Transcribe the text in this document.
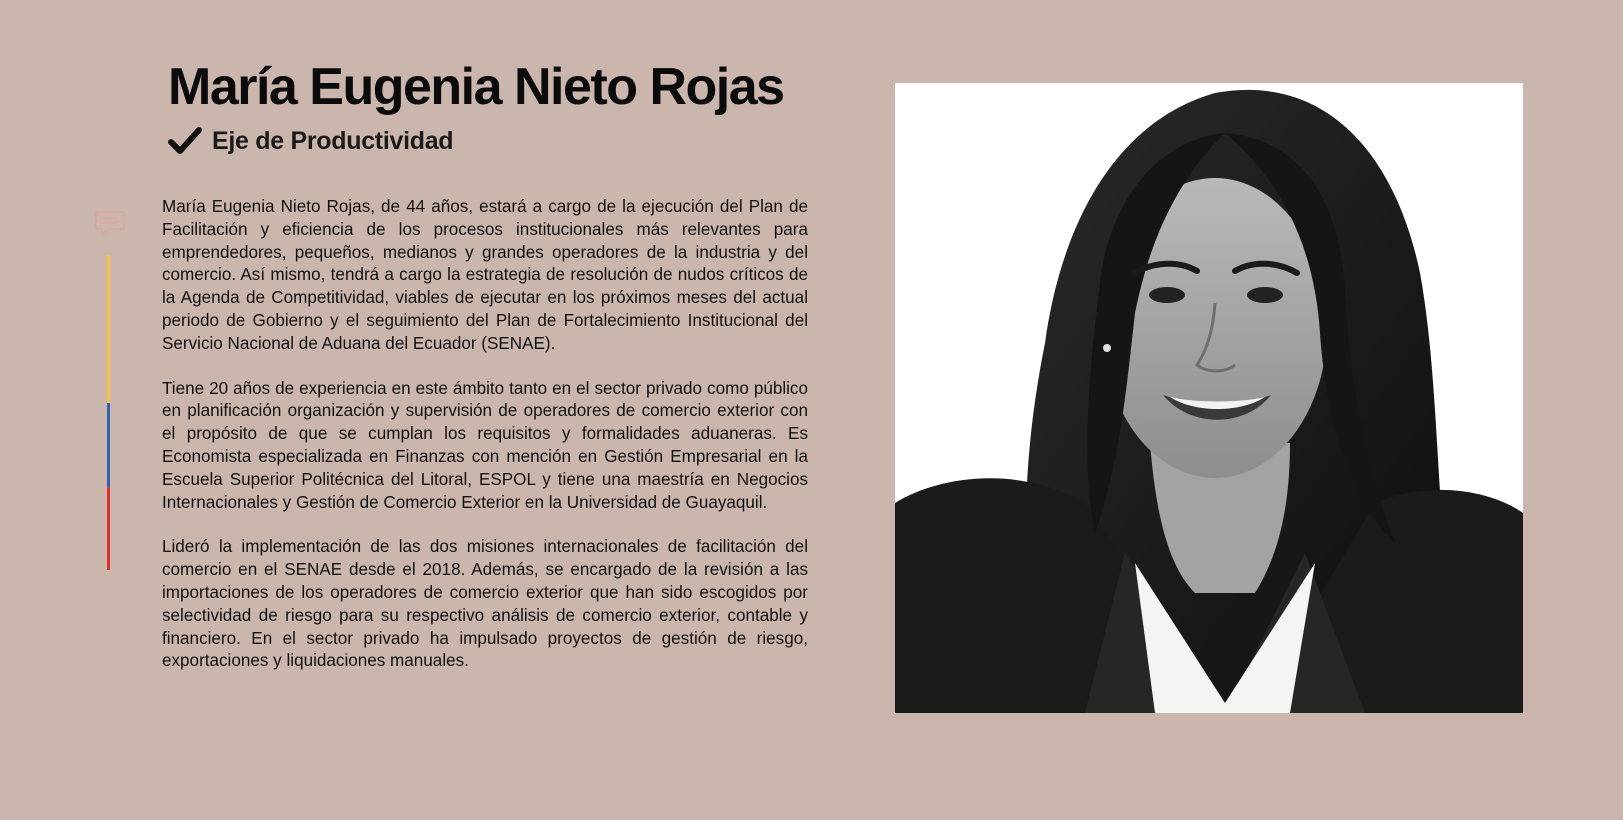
María Eugenia Nieto Rojas
Eje de Productividad

María Eugenia Nieto Rojas, de 44 años, estará a cargo de la ejecución del Plan de Facilitación y eficiencia de los procesos institucionales más relevantes para emprendedores, pequeños, medianos y grandes operadores de la industria y del comercio. Así mismo, tendrá a cargo la estrategia de resolución de nudos críticos de la Agenda de Competitividad, viables de ejecutar en los próximos meses del actual periodo de Gobierno y el seguimiento del Plan de Fortalecimiento Institucional del Servicio Nacional de Aduana del Ecuador (SENAE).

Tiene 20 años de experiencia en este ámbito tanto en el sector privado como público en planificación organización y supervisión de operadores de comercio exterior con el propósito de que se cumplan los requisitos y formalidades aduaneras. Es Economista especializada en Finanzas con mención en Gestión Empresarial en la Escuela Superior Politécnica del Litoral, ESPOL y tiene una maestría en Negocios Internacionales y Gestión de Comercio Exterior en la Universidad de Guayaquil.

Lideró la implementación de las dos misiones internacionales de facilitación del comercio en el SENAE desde el 2018. Además, se encargado de la revisión a las importaciones de los operadores de comercio exterior que han sido escogidos por selectividad de riesgo para su respectivo análisis de comercio exterior, contable y financiero. En el sector privado ha impulsado proyectos de gestión de riesgo, exportaciones y liquidaciones manuales.
